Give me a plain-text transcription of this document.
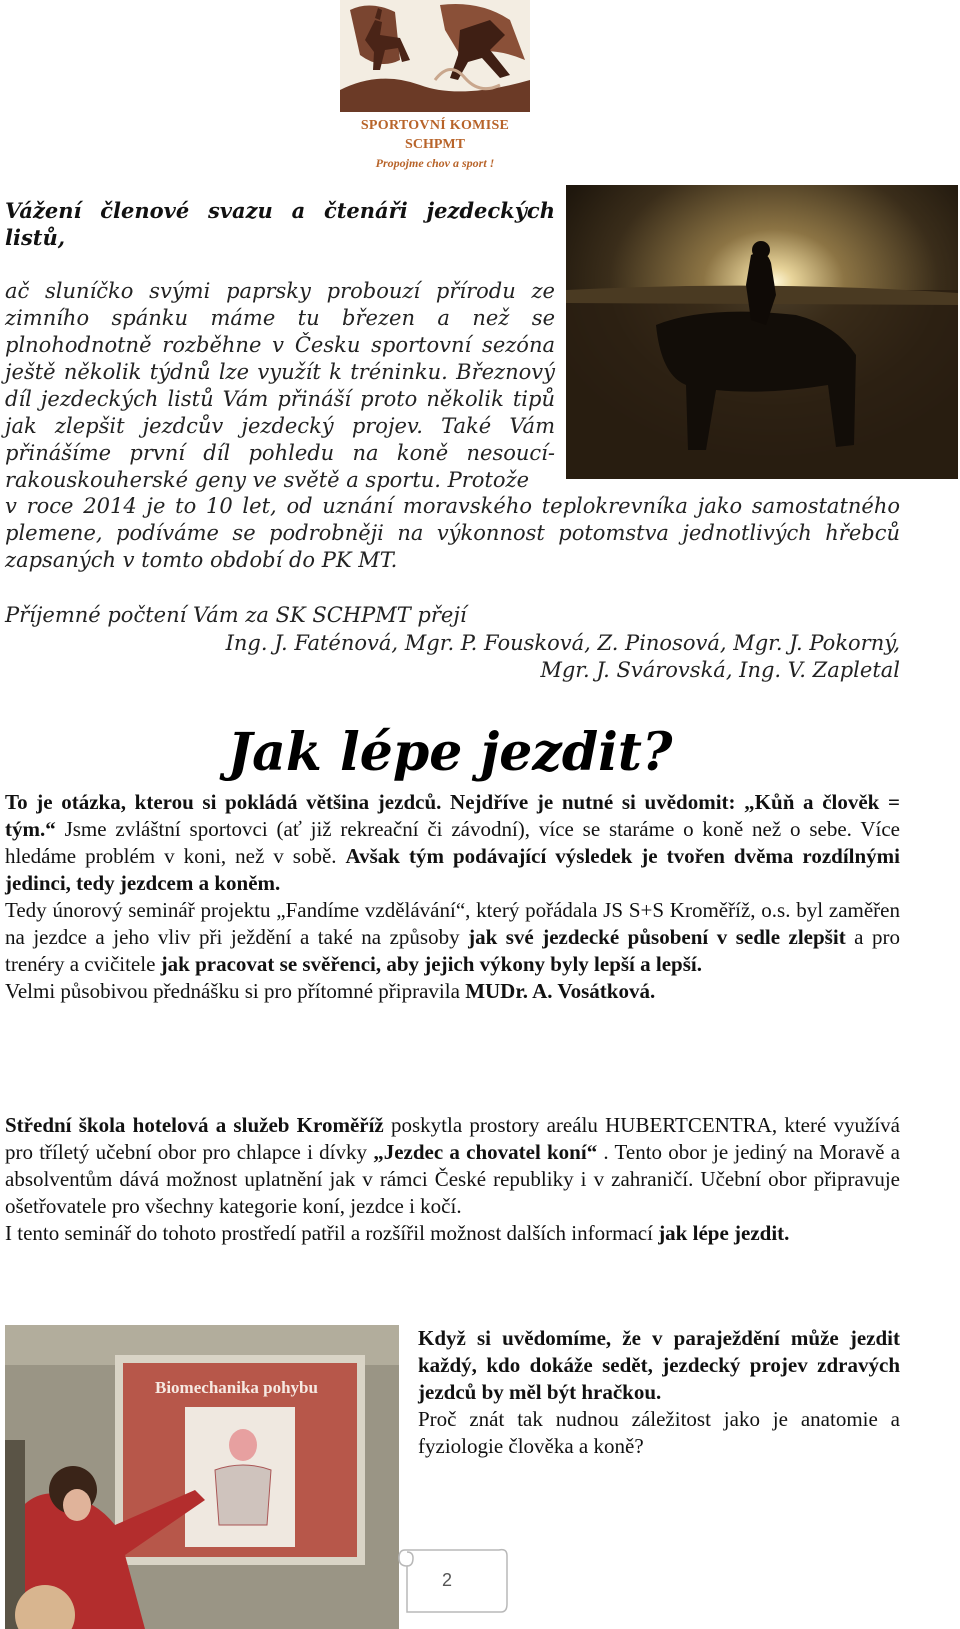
SPORTOVNÍ KOMISE
SCHPMT
Propojme chov a sport !

Vážení členové svazu a čtenáři jezdeckých listů,

ač sluníčko svými paprsky probouzí přírodu ze zimního spánku máme tu březen a než se plnohodnotně rozběhne v Česku sportovní sezóna ještě několik týdnů lze využít k tréninku. Březnový díl jezdeckých listů Vám přináší proto několik tipů jak zlepšit jezdcův jezdecký projev. Také Vám přinášíme první díl pohledu na koně nesoucí-rakouskouherské geny ve světě a sportu. Protože

v roce 2014 je to 10 let, od uznání moravského teplokrevníka jako samostatného plemene, podíváme se podrobněji na výkonnost potomstva jednotlivých hřebců zapsaných v tomto období do PK MT.
Příjemné počtení Vám za SK SCHPMT přejí
Ing. J. Faténová, Mgr. P. Fousková, Z. Pinosová, Mgr. J. Pokorný,
Mgr. J. Svárovská, Ing. V. Zapletal
Jak lépe jezdit?

To je otázka, kterou si pokládá většina jezdců. Nejdříve je nutné si uvědomit: „Kůň a člověk = tým.“ Jsme zvláštní sportovci (ať již rekreační či závodní), více se staráme o koně než o sebe. Více hledáme problém v koni, než v sobě. Avšak tým podávající výsledek je tvořen dvěma rozdílnými jedinci, tedy jezdcem a koněm.

Tedy únorový seminář projektu „Fandíme vzdělávání“, který pořádala JS S+S Kroměříž, o.s. byl zaměřen na jezdce a jeho vliv při ježdění a také na způsoby jak své jezdecké působení v sedle zlepšit a pro trenéry a cvičitele jak pracovat se svěřenci, aby jejich výkony byly lepší a lepší.

Velmi působivou přednášku si pro přítomné připravila MUDr. A. Vosátková.

Střední škola hotelová a služeb Kroměříž poskytla prostory areálu HUBERTCENTRA, které využívá pro tříletý učební obor pro chlapce i dívky „Jezdec a chovatel koní“ . Tento obor je jediný na Moravě a absolventům dává možnost uplatnění jak v rámci České republiky i v zahraničí. Učební obor připravuje ošetřovatele pro všechny kategorie koní, jezdce i kočí.

I tento seminář do tohoto prostředí patřil a rozšířil možnost dalších informací jak lépe jezdit.

Biomechanika pohybu

Když si uvědomíme, že v paraježdění může jezdit každý, kdo dokáže sedět, jezdecký projev zdravých jezdců by měl být hračkou.

Proč znát tak nudnou záležitost jako je anatomie a fyziologie člověka a koně?

2
